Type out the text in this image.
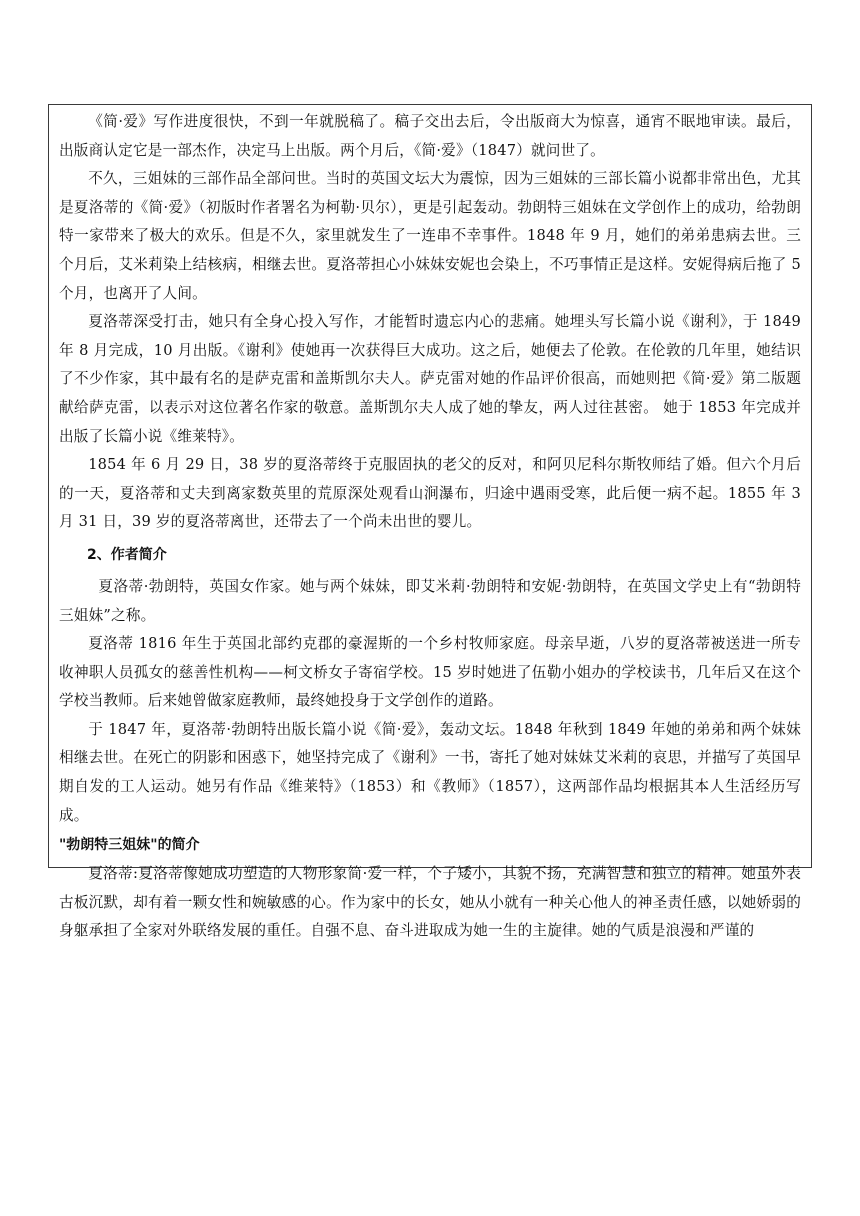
《简·爱》写作进度很快，不到一年就脱稿了。稿子交出去后，令出版商大为惊喜，通宵不眠地审读。最后，出版商认定它是一部杰作，决定马上出版。两个月后，《简·爱》（1847）就问世了。

不久，三姐妹的三部作品全部问世。当时的英国文坛大为震惊，因为三姐妹的三部长篇小说都非常出色，尤其是夏洛蒂的《简·爱》（初版时作者署名为柯勒·贝尔），更是引起轰动。勃朗特三姐妹在文学创作上的成功，给勃朗特一家带来了极大的欢乐。但是不久，家里就发生了一连串不幸事件。1848 年 9 月，她们的弟弟患病去世。三个月后，艾米莉染上结核病，相继去世。夏洛蒂担心小妹妹安妮也会染上，不巧事情正是这样。安妮得病后拖了 5 个月，也离开了人间。

夏洛蒂深受打击，她只有全身心投入写作，才能暂时遗忘内心的悲痛。她埋头写长篇小说《谢利》，于 1849 年 8 月完成，10 月出版。《谢利》使她再一次获得巨大成功。这之后，她便去了伦敦。在伦敦的几年里，她结识了不少作家，其中最有名的是萨克雷和盖斯凯尔夫人。萨克雷对她的作品评价很高，而她则把《简·爱》第二版题献给萨克雷，以表示对这位著名作家的敬意。盖斯凯尔夫人成了她的挚友，两人过往甚密。 她于 1853 年完成并出版了长篇小说《维莱特》。

1854 年 6 月 29 日，38 岁的夏洛蒂终于克服固执的老父的反对，和阿贝尼科尔斯牧师结了婚。但六个月后的一天，夏洛蒂和丈夫到离家数英里的荒原深处观看山涧瀑布，归途中遇雨受寒，此后便一病不起。1855 年 3 月 31 日，39 岁的夏洛蒂离世，还带去了一个尚未出世的婴儿。

2、作者简介

夏洛蒂·勃朗特，英国女作家。她与两个妹妹，即艾米莉·勃朗特和安妮·勃朗特，在英国文学史上有“勃朗特三姐妹”之称。

夏洛蒂 1816 年生于英国北部约克郡的豪渥斯的一个乡村牧师家庭。母亲早逝，八岁的夏洛蒂被送进一所专收神职人员孤女的慈善性机构——柯文桥女子寄宿学校。15 岁时她进了伍勒小姐办的学校读书，几年后又在这个学校当教师。后来她曾做家庭教师，最终她投身于文学创作的道路。

于 1847 年，夏洛蒂·勃朗特出版长篇小说《简·爱》，轰动文坛。1848 年秋到 1849 年她的弟弟和两个妹妹相继去世。在死亡的阴影和困惑下，她坚持完成了《谢利》一书，寄托了她对妹妹艾米莉的哀思，并描写了英国早期自发的工人运动。她另有作品《维莱特》（1853）和《教师》（1857），这两部作品均根据其本人生活经历写成。

"勃朗特三姐妹"的简介

夏洛蒂:夏洛蒂像她成功塑造的人物形象简·爱一样，个子矮小，其貌不扬，充满智慧和独立的精神。她虽外表古板沉默，却有着一颗女性和婉敏感的心。作为家中的长女，她从小就有一种关心他人的神圣责任感，以她娇弱的身躯承担了全家对外联络发展的重任。自强不息、奋斗进取成为她一生的主旋律。她的气质是浪漫和严谨的
